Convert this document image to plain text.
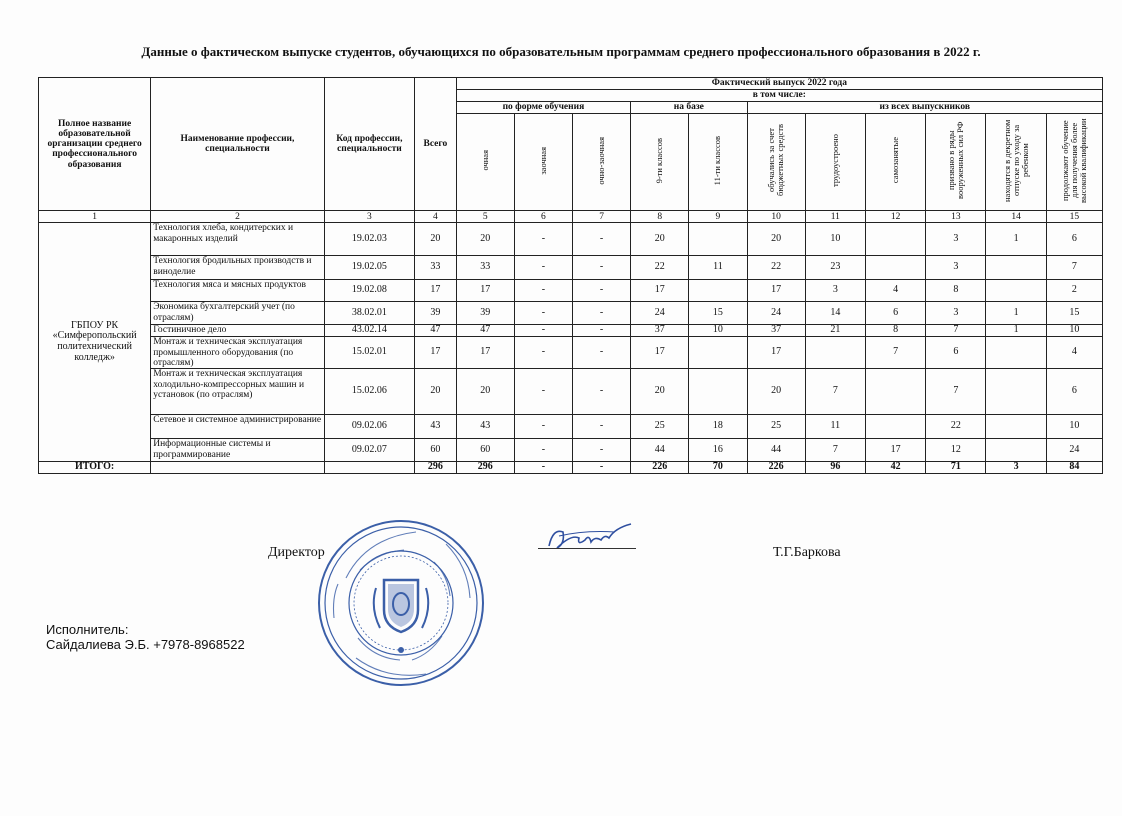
Данные о фактическом выпуске студентов, обучающихся по образовательным программам среднего профессионального образования в 2022 г.
Полное название образовательной организации среднего профессионального образования	Наименование профессии, специальности	Код профессии, специальности	Всего	Фактический выпуск 2022 года										
				в том числе:										
				по форме обучения			на базе		из всех выпускников					
				очная	заочная	очно-заочная	9-ти классов	11-ти классов	обучались за счет бюджетных средств	трудоустроено	самозанятые	призвано в ряды вооруженных сил РФ	находятся в декретном отпуске по уходу за ребенком	продолжают обучение для получения более высокой квалификации
1	2	3	4	5	6	7	8	9	10	11	12	13	14	15
ГБПОУ РК «Симферопольский политехнический колледж»	Технология хлеба, кондитерских и макаронных изделий	19.02.03	20	20	-	-	20		20	10		3	1	6
	Технология бродильных производств и виноделие	19.02.05	33	33	-	-	22	11	22	23		3		7
	Технология мяса и мясных продуктов	19.02.08	17	17	-	-	17		17	3	4	8		2
	Экономика бухгалтерский учет (по отраслям)	38.02.01	39	39	-	-	24	15	24	14	6	3	1	15
	Гостиничное дело	43.02.14	47	47	-	-	37	10	37	21	8	7	1	10
	Монтаж и техническая эксплуатация промышленного оборудования (по отраслям)	15.02.01	17	17	-	-	17		17		7	6		4
	Монтаж и техническая эксплуатация холодильно-компрессорных машин и установок (по отраслям)	15.02.06	20	20	-	-	20		20	7		7		6
	Сетевое и системное администрирование	09.02.06	43	43	-	-	25	18	25	11		22		10
	Информационные системы и программирование	09.02.07	60	60	-	-	44	16	44	7	17	12		24
ИТОГО:			296	296	-	-	226	70	226	96	42	71	3	84
Директор	Т.Г.Баркова
Исполнитель:
Сайдалиева Э.Б. +7978-8968522
